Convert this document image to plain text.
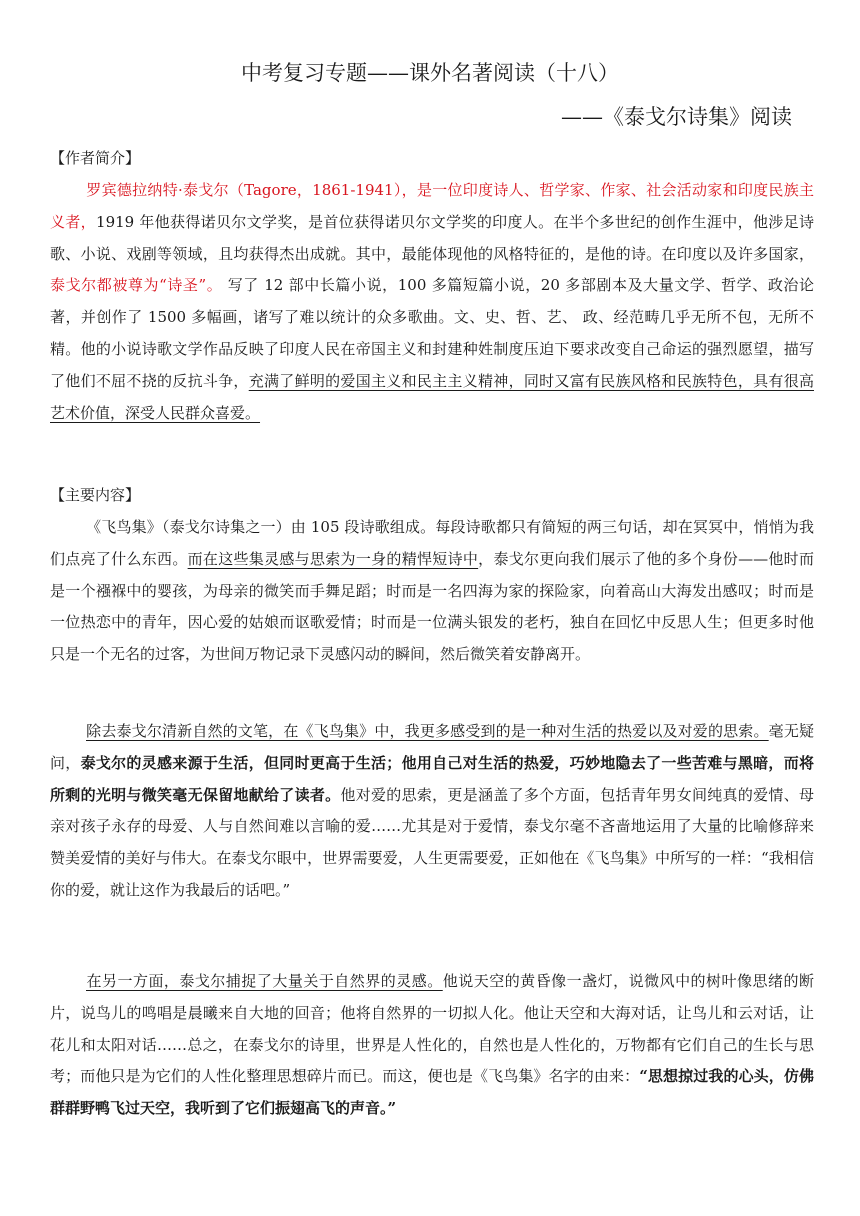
中考复习专题——课外名著阅读（十八）
——《泰戈尔诗集》阅读
【作者简介】
罗宾德拉纳特·泰戈尔（Tagore，1861-1941），是一位印度诗人、哲学家、作家、社会活动家和印度民族主义者，1919 年他获得诺贝尔文学奖，是首位获得诺贝尔文学奖的印度人。在半个多世纪的创作生涯中，他涉足诗歌、小说、戏剧等领域，且均获得杰出成就。其中，最能体现他的风格特征的，是他的诗。在印度以及许多国家，泰戈尔都被尊为“诗圣”。 写了 12 部中长篇小说，100 多篇短篇小说，20 多部剧本及大量文学、哲学、政治论著，并创作了 1500 多幅画，诸写了难以统计的众多歌曲。文、史、哲、艺、 政、经范畴几乎无所不包，无所不精。他的小说诗歌文学作品反映了印度人民在帝国主义和封建种姓制度压迫下要求改变自己命运的强烈愿望，描写了他们不屈不挠的反抗斗争，充满了鲜明的爱国主义和民主主义精神，同时又富有民族风格和民族特色，具有很高艺术价值，深受人民群众喜爱。
【主要内容】
《飞鸟集》（泰戈尔诗集之一）由 105 段诗歌组成。每段诗歌都只有简短的两三句话，却在冥冥中，悄悄为我们点亮了什么东西。而在这些集灵感与思索为一身的精悍短诗中，泰戈尔更向我们展示了他的多个身份——他时而是一个襁褓中的婴孩，为母亲的微笑而手舞足蹈；时而是一名四海为家的探险家，向着高山大海发出感叹；时而是一位热恋中的青年，因心爱的姑娘而讴歌爱情；时而是一位满头银发的老朽，独自在回忆中反思人生；但更多时他只是一个无名的过客，为世间万物记录下灵感闪动的瞬间，然后微笑着安静离开。
除去泰戈尔清新自然的文笔，在《飞鸟集》中，我更多感受到的是一种对生活的热爱以及对爱的思索。毫无疑问，泰戈尔的灵感来源于生活，但同时更高于生活；他用自己对生活的热爱，巧妙地隐去了一些苦难与黑暗，而将所剩的光明与微笑毫无保留地献给了读者。他对爱的思索，更是涵盖了多个方面，包括青年男女间纯真的爱情、母亲对孩子永存的母爱、人与自然间难以言喻的爱……尤其是对于爱情，泰戈尔毫不吝啬地运用了大量的比喻修辞来赞美爱情的美好与伟大。在泰戈尔眼中，世界需要爱，人生更需要爱，正如他在《飞鸟集》中所写的一样：“我相信你的爱，就让这作为我最后的话吧。”
在另一方面，泰戈尔捕捉了大量关于自然界的灵感。他说天空的黄昏像一盏灯，说微风中的树叶像思绪的断片，说鸟儿的鸣唱是晨曦来自大地的回音；他将自然界的一切拟人化。他让天空和大海对话，让鸟儿和云对话，让花儿和太阳对话……总之，在泰戈尔的诗里，世界是人性化的，自然也是人性化的，万物都有它们自己的生长与思考；而他只是为它们的人性化整理思想碎片而已。而这，便也是《飞鸟集》名字的由来：“思想掠过我的心头，仿佛群群野鸭飞过天空，我听到了它们振翅高飞的声音。”
